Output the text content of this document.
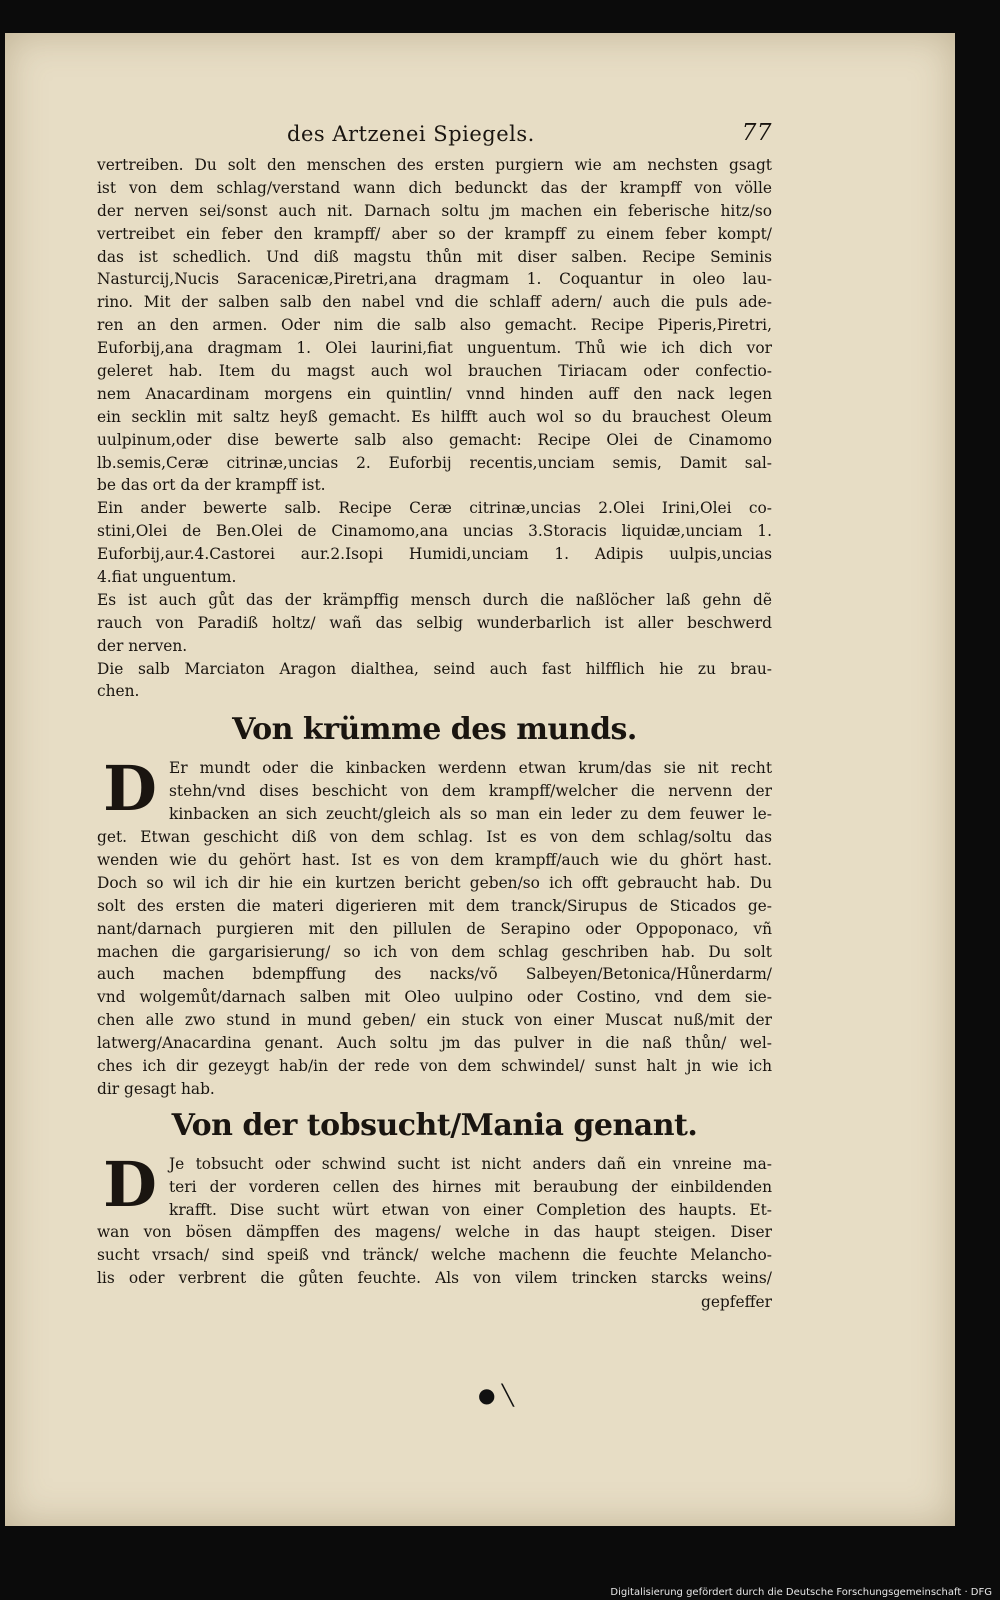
des Artzenei Spiegels.	77
vertreiben. Du solt den menschen des ersten purgiern wie am nechsten gsagt
ist von dem schlag/verstand wann dich bedunckt das der krampff von völle
der nerven sei/sonst auch nit. Darnach soltu jm machen ein feberische hitz/so
vertreibet ein feber den krampff/ aber so der krampff zu einem feber kompt/
das ist schedlich. Und diß magstu thůn mit diser salben. Recipe Seminis
Nasturcij,Nucis Saracenicæ,Piretri,ana dragmam 1. Coquantur in oleo lau-
rino. Mit der salben salb den nabel vnd die schlaff adern/ auch die puls ade-
ren an den armen. Oder nim die salb also gemacht. Recipe Piperis,Piretri,
Euforbij,ana dragmam 1. Olei laurini,fiat unguentum. Thů wie ich dich vor
geleret hab. Item du magst auch wol brauchen Tiriacam oder confectio-
nem Anacardinam morgens ein quintlin/ vnnd hinden auff den nack legen
ein secklin mit saltz heyß gemacht. Es hilfft auch wol so du brauchest Oleum
uulpinum,oder dise bewerte salb also gemacht: Recipe Olei de Cinamomo
lb.semis,Ceræ citrinæ,uncias 2. Euforbij recentis,unciam semis, Damit sal-
be das ort da der krampff ist.
Ein ander bewerte salb. Recipe Ceræ citrinæ,uncias 2.Olei Irini,Olei co-
stini,Olei de Ben.Olei de Cinamomo,ana uncias 3.Storacis liquidæ,unciam 1.
Euforbij,aur.4.Castorei aur.2.Isopi Humidi,unciam 1. Adipis uulpis,uncias
4.fiat unguentum.
Es ist auch gůt das der krämpffig mensch durch die naßlöcher laß gehn dẽ
rauch von Paradiß holtz/ wañ das selbig wunderbarlich ist aller beschwerd
der nerven.
Die salb Marciaton Aragon dialthea, seind auch fast hilfflich hie zu brau-
chen.
Von krümme des munds.
D Er mundt oder die kinbacken werdenn etwan krum/das sie nit recht
stehn/vnd dises beschicht von dem krampff/welcher die nervenn der
kinbacken an sich zeucht/gleich als so man ein leder zu dem feuwer le-
get. Etwan geschicht diß von dem schlag. Ist es von dem schlag/soltu das
wenden wie du gehört hast. Ist es von dem krampff/auch wie du ghört hast.
Doch so wil ich dir hie ein kurtzen bericht geben/so ich offt gebraucht hab. Du
solt des ersten die materi digerieren mit dem tranck/Sirupus de Sticados ge-
nant/darnach purgieren mit den pillulen de Serapino oder Oppoponaco, vñ
machen die gargarisierung/ so ich von dem schlag geschriben hab. Du solt
auch machen bdempffung des nacks/võ Salbeyen/Betonica/Hůnerdarm/
vnd wolgemůt/darnach salben mit Oleo uulpino oder Costino, vnd dem sie-
chen alle zwo stund in mund geben/ ein stuck von einer Muscat nuß/mit der
latwerg/Anacardina genant. Auch soltu jm das pulver in die naß thůn/ wel-
ches ich dir gezeygt hab/in der rede von dem schwindel/ sunst halt jn wie ich
dir gesagt hab.
Von der tobsucht/Mania genant.
D Je tobsucht oder schwind sucht ist nicht anders dañ ein vnreine ma-
teri der vorderen cellen des hirnes mit beraubung der einbildenden
krafft. Dise sucht würt etwan von einer Completion des haupts. Et-
wan von bösen dämpffen des magens/ welche in das haupt steigen. Diser
sucht vrsach/ sind speiß vnd tränck/ welche machenn die feuchte Melancho-
lis oder verbrent die gůten feuchte. Als von vilem trincken starcks weins/
gepfeffer
● ╲
Digitalisierung gefördert durch die Deutsche Forschungsgemeinschaft · DFG
